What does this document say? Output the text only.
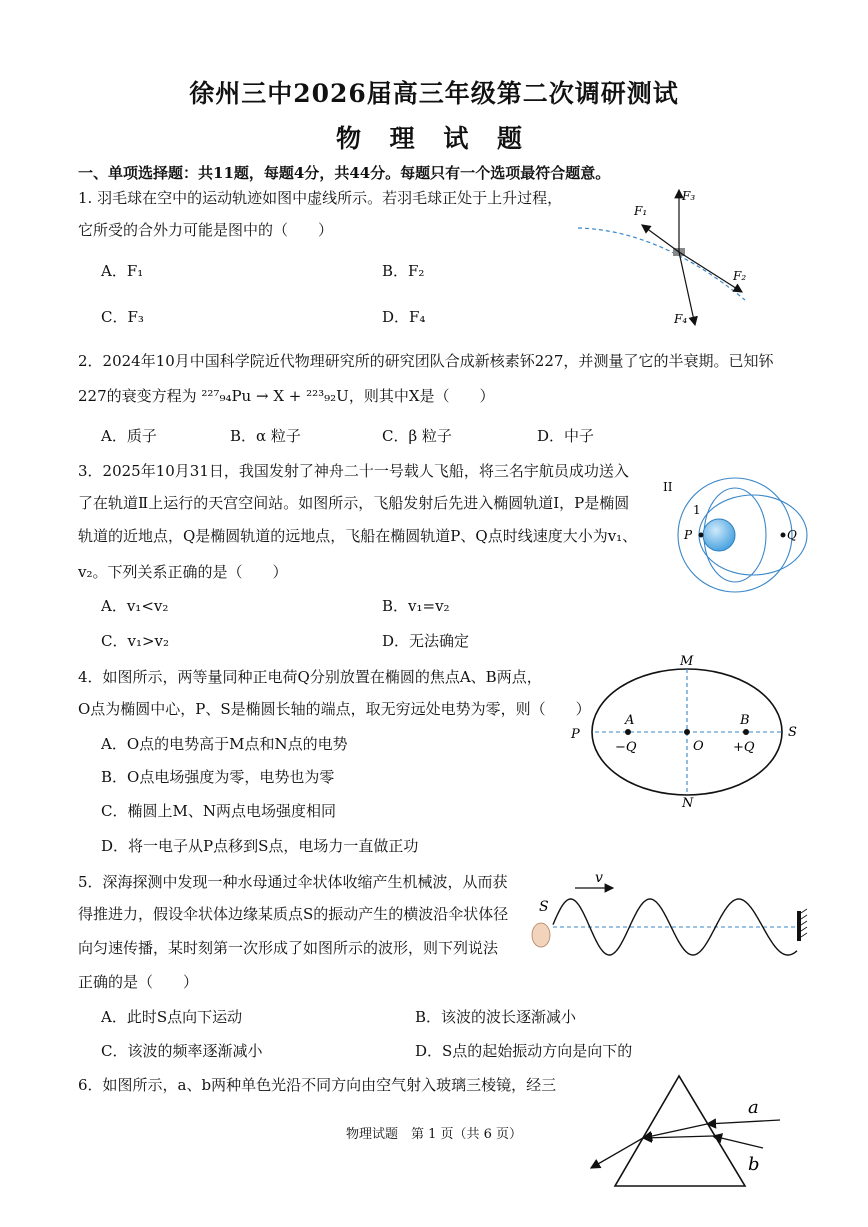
徐州三中2026届高三年级第二次调研测试
物 理 试 题
一、单项选择题：共11题，每题4分，共44分。每题只有一个选项最符合题意。
1. 羽毛球在空中的运动轨迹如图中虚线所示。若羽毛球正处于上升过程，
它所受的合外力可能是图中的（　　）
A．F₁	B．F₂
C．F₃	D．F₄
F₃
F₁
F₂
F₄
2．2024年10月中国科学院近代物理研究所的研究团队合成新核素钚227，并测量了它的半衰期。已知钚
227的衰变方程为 ²²⁷₉₄Pu → X + ²²³₉₂U，则其中X是（　　）
A．质子	B．α 粒子	C．β 粒子	D．中子
3．2025年10月31日，我国发射了神舟二十一号载人飞船，将三名宇航员成功送入
了在轨道Ⅱ上运行的天宫空间站。如图所示，飞船发射后先进入椭圆轨道Ⅰ，P是椭圆
轨道的近地点，Q是椭圆轨道的远地点，飞船在椭圆轨道P、Q点时线速度大小为v₁、
v₂。下列关系正确的是（　　）
A．v₁<v₂	B．v₁=v₂
C．v₁>v₂	D．无法确定
II
1
P	Q
4．如图所示，两等量同种正电荷Q分别放置在椭圆的焦点A、B两点，
O点为椭圆中心，P、S是椭圆长轴的端点，取无穷远处电势为零，则（　　）
A．O点的电势高于M点和N点的电势
B．O点电场强度为零，电势也为零
C．椭圆上M、N两点电场强度相同
D．将一电子从P点移到S点，电场力一直做正功
M
N
P	S
A	B
O
−Q	+Q
5．深海探测中发现一种水母通过伞状体收缩产生机械波，从而获
得推进力，假设伞状体边缘某质点S的振动产生的横波沿伞状体径
向匀速传播，某时刻第一次形成了如图所示的波形，则下列说法
正确的是（　　）
A．此时S点向下运动	B．该波的波长逐渐减小
C．该波的频率逐渐减小	D．S点的起始振动方向是向下的
v
S
6．如图所示，a、b两种单色光沿不同方向由空气射入玻璃三棱镜，经三
a
b
物理试题　第 1 页（共 6 页）
